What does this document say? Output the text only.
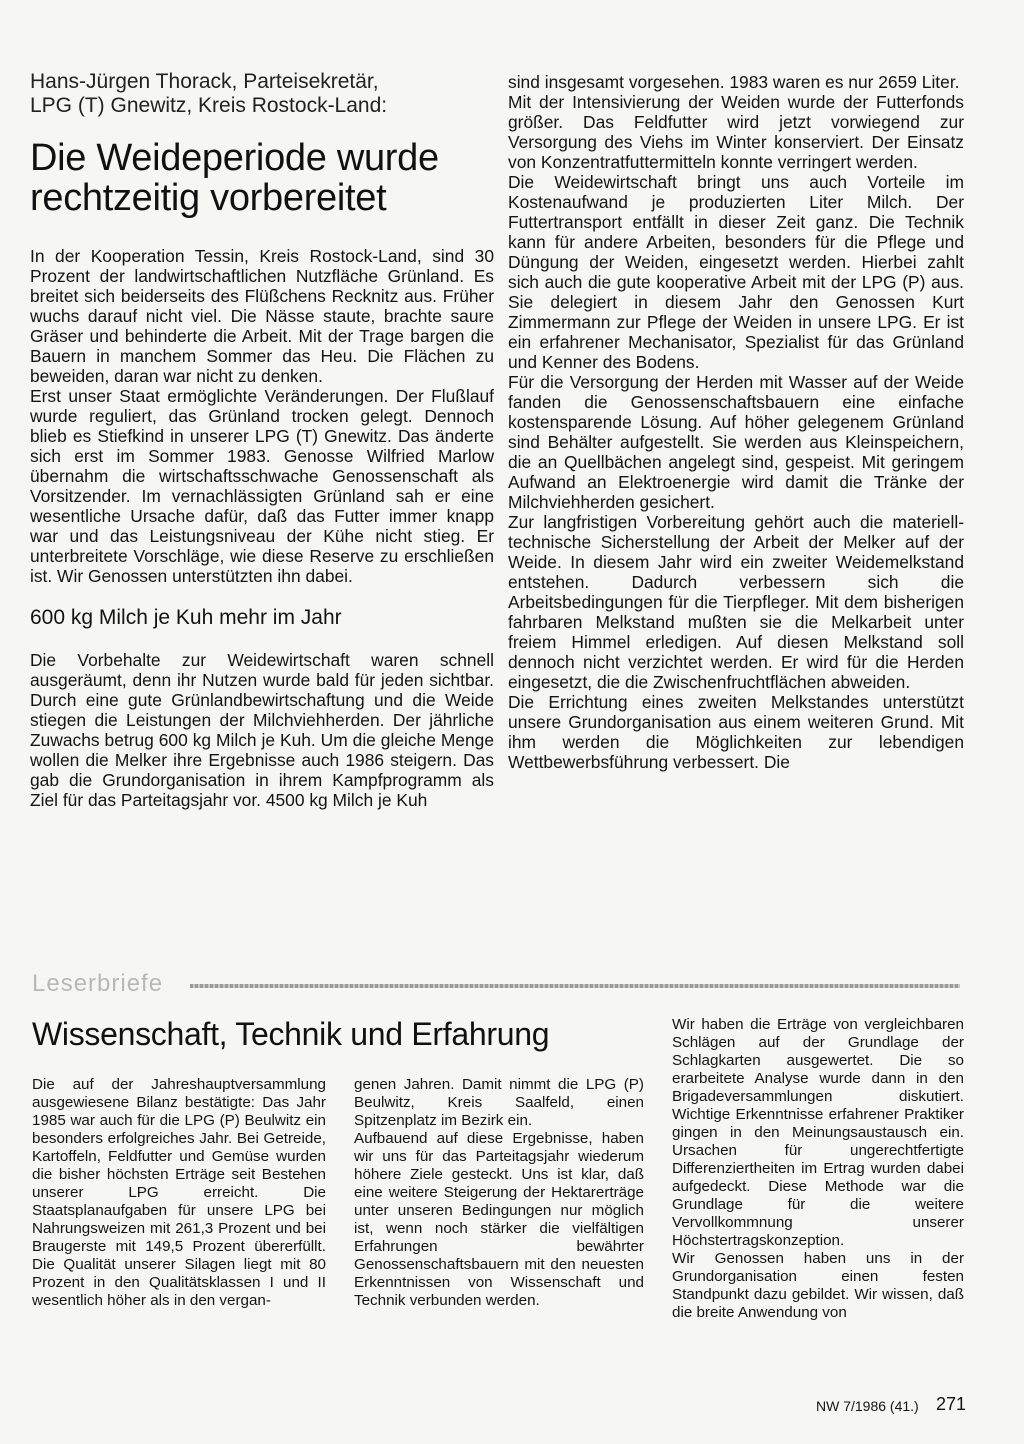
Hans-Jürgen Thorack, Parteisekretär,
LPG (T) Gnewitz, Kreis Rostock-Land:
Die Weideperiode wurde
rechtzeitig vorbereitet

In der Kooperation Tessin, Kreis Rostock-Land, sind 30 Prozent der landwirtschaftlichen Nutzfläche Grünland. Es breitet sich beiderseits des Flüßchens Recknitz aus. Früher wuchs darauf nicht viel. Die Nässe staute, brachte saure Gräser und behinderte die Arbeit. Mit der Trage bargen die Bauern in manchem Sommer das Heu. Die Flächen zu beweiden, daran war nicht zu denken.

Erst unser Staat ermöglichte Veränderungen. Der Flußlauf wurde reguliert, das Grünland trocken gelegt. Dennoch blieb es Stiefkind in unserer LPG (T) Gnewitz. Das änderte sich erst im Sommer 1983. Genosse Wilfried Marlow übernahm die wirtschaftsschwache Genossenschaft als Vorsitzender. Im vernachlässigten Grünland sah er eine wesentliche Ursache dafür, daß das Futter immer knapp war und das Leistungsniveau der Kühe nicht stieg. Er unterbreitete Vorschläge, wie diese Reserve zu erschließen ist. Wir Genossen unterstützten ihn dabei.

600 kg Milch je Kuh mehr im Jahr

Die Vorbehalte zur Weidewirtschaft waren schnell ausgeräumt, denn ihr Nutzen wurde bald für jeden sichtbar. Durch eine gute Grünlandbewirtschaftung und die Weide stiegen die Leistungen der Milchviehherden. Der jährliche Zuwachs betrug 600 kg Milch je Kuh. Um die gleiche Menge wollen die Melker ihre Ergebnisse auch 1986 steigern. Das gab die Grundorganisation in ihrem Kampfprogramm als Ziel für das Parteitagsjahr vor. 4500 kg Milch je Kuh

sind insgesamt vorgesehen. 1983 waren es nur 2659 Liter.

Mit der Intensivierung der Weiden wurde der Futterfonds größer. Das Feldfutter wird jetzt vorwiegend zur Versorgung des Viehs im Winter konserviert. Der Einsatz von Konzentratfuttermitteln konnte verringert werden.

Die Weidewirtschaft bringt uns auch Vorteile im Kostenaufwand je produzierten Liter Milch. Der Futtertransport entfällt in dieser Zeit ganz. Die Technik kann für andere Arbeiten, besonders für die Pflege und Düngung der Weiden, eingesetzt werden. Hierbei zahlt sich auch die gute kooperative Arbeit mit der LPG (P) aus. Sie delegiert in diesem Jahr den Genossen Kurt Zimmermann zur Pflege der Weiden in unsere LPG. Er ist ein erfahrener Mechanisator, Spezialist für das Grünland und Kenner des Bodens.

Für die Versorgung der Herden mit Wasser auf der Weide fanden die Genossenschaftsbauern eine einfache kostensparende Lösung. Auf höher gelegenem Grünland sind Behälter aufgestellt. Sie werden aus Kleinspeichern, die an Quellbächen angelegt sind, gespeist. Mit geringem Aufwand an Elektroenergie wird damit die Tränke der Milchviehherden gesichert.

Zur langfristigen Vorbereitung gehört auch die materiell-technische Sicherstellung der Arbeit der Melker auf der Weide. In diesem Jahr wird ein zweiter Weidemelkstand entstehen. Dadurch verbessern sich die Arbeitsbedingungen für die Tierpfleger. Mit dem bisherigen fahrbaren Melkstand mußten sie die Melkarbeit unter freiem Himmel erledigen. Auf diesen Melkstand soll dennoch nicht verzichtet werden. Er wird für die Herden eingesetzt, die die Zwischenfruchtflächen abweiden.

Die Errichtung eines zweiten Melkstandes unterstützt unsere Grundorganisation aus einem weiteren Grund. Mit ihm werden die Möglichkeiten zur lebendigen Wettbewerbsführung verbessert. Die

Leserbriefe
Wissenschaft, Technik und Erfahrung

Die auf der Jahreshauptversammlung ausgewiesene Bilanz bestätigte: Das Jahr 1985 war auch für die LPG (P) Beulwitz ein besonders erfolgreiches Jahr. Bei Getreide, Kartoffeln, Feldfutter und Gemüse wurden die bisher höchsten Erträge seit Bestehen unserer LPG erreicht. Die Staatsplanaufgaben für unsere LPG bei Nahrungsweizen mit 261,3 Prozent und bei Braugerste mit 149,5 Prozent übererfüllt. Die Qualität unserer Silagen liegt mit 80 Prozent in den Qualitätsklassen I und II wesentlich höher als in den vergan-

genen Jahren. Damit nimmt die LPG (P) Beulwitz, Kreis Saalfeld, einen Spitzenplatz im Bezirk ein.

Aufbauend auf diese Ergebnisse, haben wir uns für das Parteitagsjahr wiederum höhere Ziele gesteckt. Uns ist klar, daß eine weitere Steigerung der Hektarerträge unter unseren Bedingungen nur möglich ist, wenn noch stärker die vielfältigen Erfahrungen bewährter Genossenschaftsbauern mit den neuesten Erkenntnissen von Wissenschaft und Technik verbunden werden.

Wir haben die Erträge von vergleichbaren Schlägen auf der Grundlage der Schlagkarten ausgewertet. Die so erarbeitete Analyse wurde dann in den Brigadeversammlungen diskutiert. Wichtige Erkenntnisse erfahrener Praktiker gingen in den Meinungsaustausch ein. Ursachen für ungerechtfertigte Differenziertheiten im Ertrag wurden dabei aufgedeckt. Diese Methode war die Grundlage für die weitere Vervollkommnung unserer Höchstertragskonzeption.

Wir Genossen haben uns in der Grundorganisation einen festen Standpunkt dazu gebildet. Wir wissen, daß die breite Anwendung von

NW 7/1986 (41.) 271
